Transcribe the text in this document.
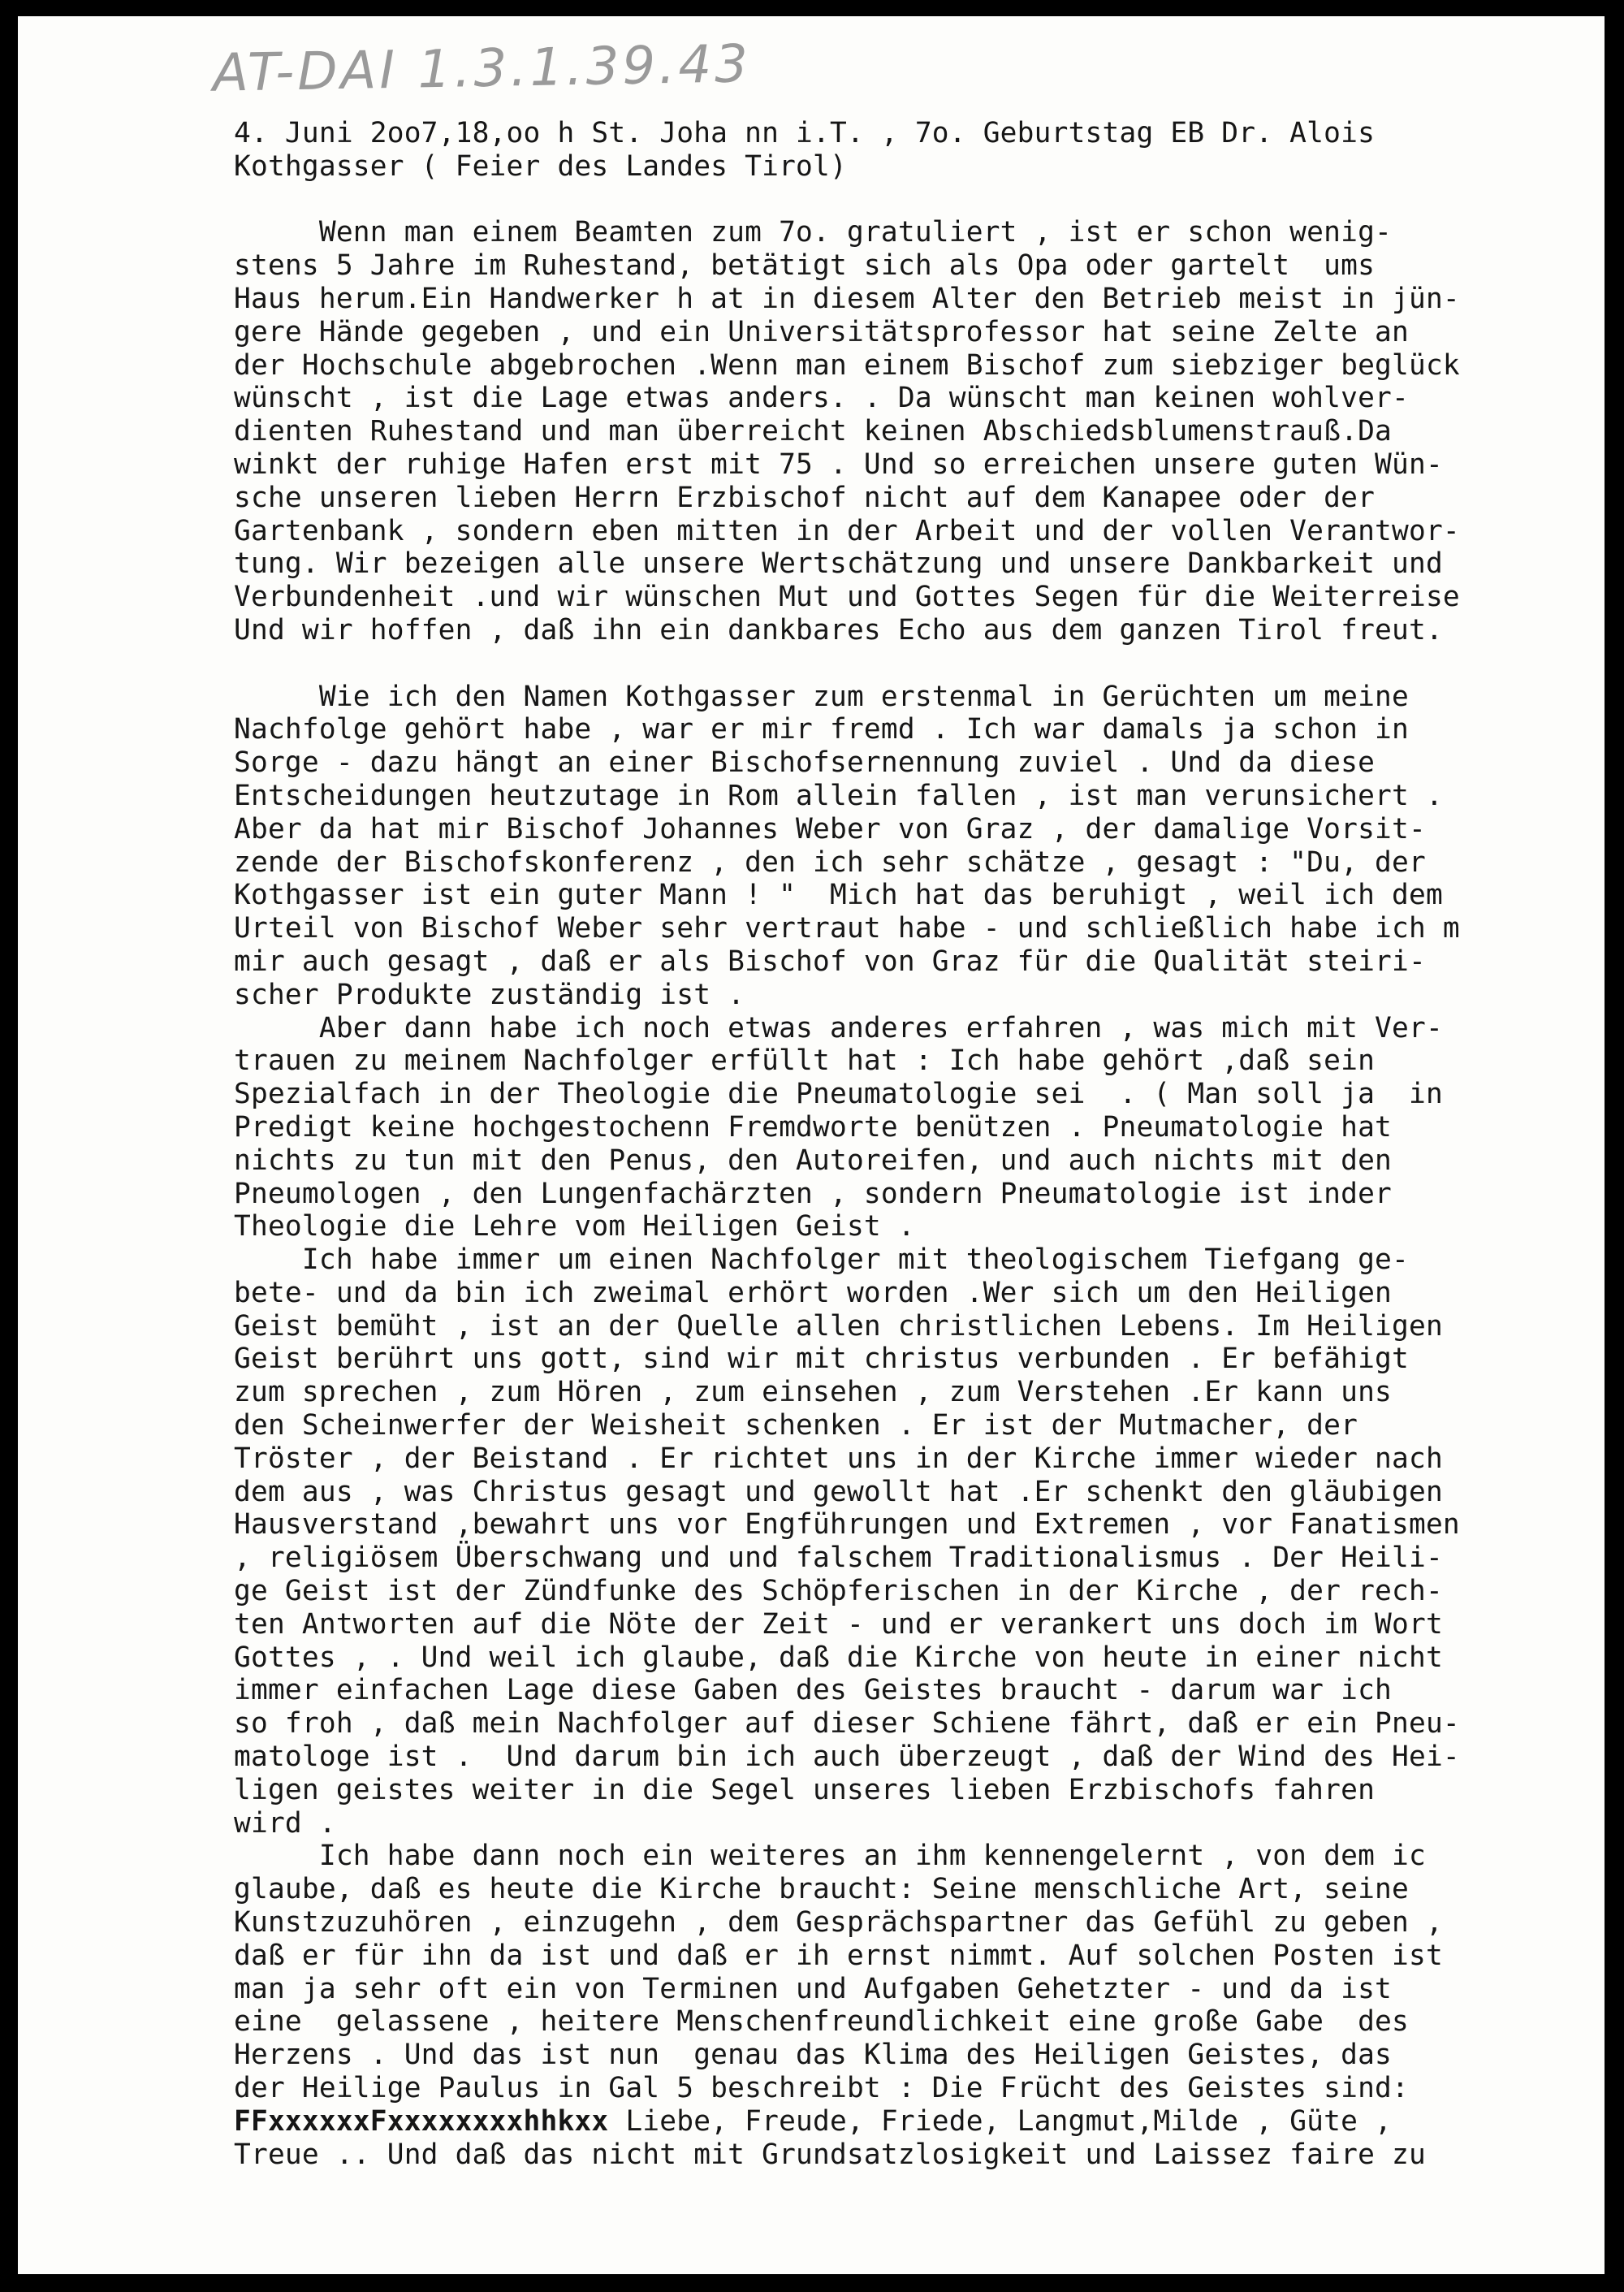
AT-DAI 1.3.1.39.43
4. Juni 2oo7,18,oo h St. Joha nn i.T. , 7o. Geburtstag EB Dr. Alois
Kothgasser ( Feier des Landes Tirol)
Wenn man einem Beamten zum 7o. gratuliert , ist er schon wenig-
stens 5 Jahre im Ruhestand, betätigt sich als Opa oder gartelt  ums
Haus herum.Ein Handwerker h at in diesem Alter den Betrieb meist in jün-
gere Hände gegeben , und ein Universitätsprofessor hat seine Zelte an
der Hochschule abgebrochen .Wenn man einem Bischof zum siebziger beglück
wünscht , ist die Lage etwas anders. . Da wünscht man keinen wohlver-
dienten Ruhestand und man überreicht keinen Abschiedsblumenstrauß.Da
winkt der ruhige Hafen erst mit 75 . Und so erreichen unsere guten Wün-
sche unseren lieben Herrn Erzbischof nicht auf dem Kanapee oder der
Gartenbank , sondern eben mitten in der Arbeit und der vollen Verantwor-
tung. Wir bezeigen alle unsere Wertschätzung und unsere Dankbarkeit und
Verbundenheit .und wir wünschen Mut und Gottes Segen für die Weiterreise
Und wir hoffen , daß ihn ein dankbares Echo aus dem ganzen Tirol freut.
Wie ich den Namen Kothgasser zum erstenmal in Gerüchten um meine
Nachfolge gehört habe , war er mir fremd . Ich war damals ja schon in
Sorge - dazu hängt an einer Bischofsernennung zuviel . Und da diese
Entscheidungen heutzutage in Rom allein fallen , ist man verunsichert .
Aber da hat mir Bischof Johannes Weber von Graz , der damalige Vorsit-
zende der Bischofskonferenz , den ich sehr schätze , gesagt : "Du, der
Kothgasser ist ein guter Mann ! "  Mich hat das beruhigt , weil ich dem
Urteil von Bischof Weber sehr vertraut habe - und schließlich habe ich m
mir auch gesagt , daß er als Bischof von Graz für die Qualität steiri-
scher Produkte zuständig ist .
Aber dann habe ich noch etwas anderes erfahren , was mich mit Ver-
trauen zu meinem Nachfolger erfüllt hat : Ich habe gehört ,daß sein
Spezialfach in der Theologie die Pneumatologie sei  . ( Man soll ja  in
Predigt keine hochgestochenn Fremdworte benützen . Pneumatologie hat
nichts zu tun mit den Penus, den Autoreifen, und auch nichts mit den
Pneumologen , den Lungenfachärzten , sondern Pneumatologie ist inder
Theologie die Lehre vom Heiligen Geist .
Ich habe immer um einen Nachfolger mit theologischem Tiefgang ge-
bete- und da bin ich zweimal erhört worden .Wer sich um den Heiligen
Geist bemüht , ist an der Quelle allen christlichen Lebens. Im Heiligen
Geist berührt uns gott, sind wir mit christus verbunden . Er befähigt
zum sprechen , zum Hören , zum einsehen , zum Verstehen .Er kann uns
den Scheinwerfer der Weisheit schenken . Er ist der Mutmacher, der
Tröster , der Beistand . Er richtet uns in der Kirche immer wieder nach
dem aus , was Christus gesagt und gewollt hat .Er schenkt den gläubigen
Hausverstand ,bewahrt uns vor Engführungen und Extremen , vor Fanatismen
, religiösem Überschwang und und falschem Traditionalismus . Der Heili-
ge Geist ist der Zündfunke des Schöpferischen in der Kirche , der rech-
ten Antworten auf die Nöte der Zeit - und er verankert uns doch im Wort
Gottes , . Und weil ich glaube, daß die Kirche von heute in einer nicht
immer einfachen Lage diese Gaben des Geistes braucht - darum war ich
so froh , daß mein Nachfolger auf dieser Schiene fährt, daß er ein Pneu-
matologe ist .  Und darum bin ich auch überzeugt , daß der Wind des Hei-
ligen geistes weiter in die Segel unseres lieben Erzbischofs fahren
wird .
Ich habe dann noch ein weiteres an ihm kennengelernt , von dem ic
glaube, daß es heute die Kirche braucht: Seine menschliche Art, seine
Kunstzuzuhören , einzugehn , dem Gesprächspartner das Gefühl zu geben ,
daß er für ihn da ist und daß er ih ernst nimmt. Auf solchen Posten ist
man ja sehr oft ein von Terminen und Aufgaben Gehetzter - und da ist
eine  gelassene , heitere Menschenfreundlichkeit eine große Gabe  des
Herzens . Und das ist nun  genau das Klima des Heiligen Geistes, das
der Heilige Paulus in Gal 5 beschreibt : Die Frücht des Geistes sind:
FFxxxxxxFxxxxxxxxhhkxx Liebe, Freude, Friede, Langmut,Milde , Güte ,
Treue .. Und daß das nicht mit Grundsatzlosigkeit und Laissez faire zu
